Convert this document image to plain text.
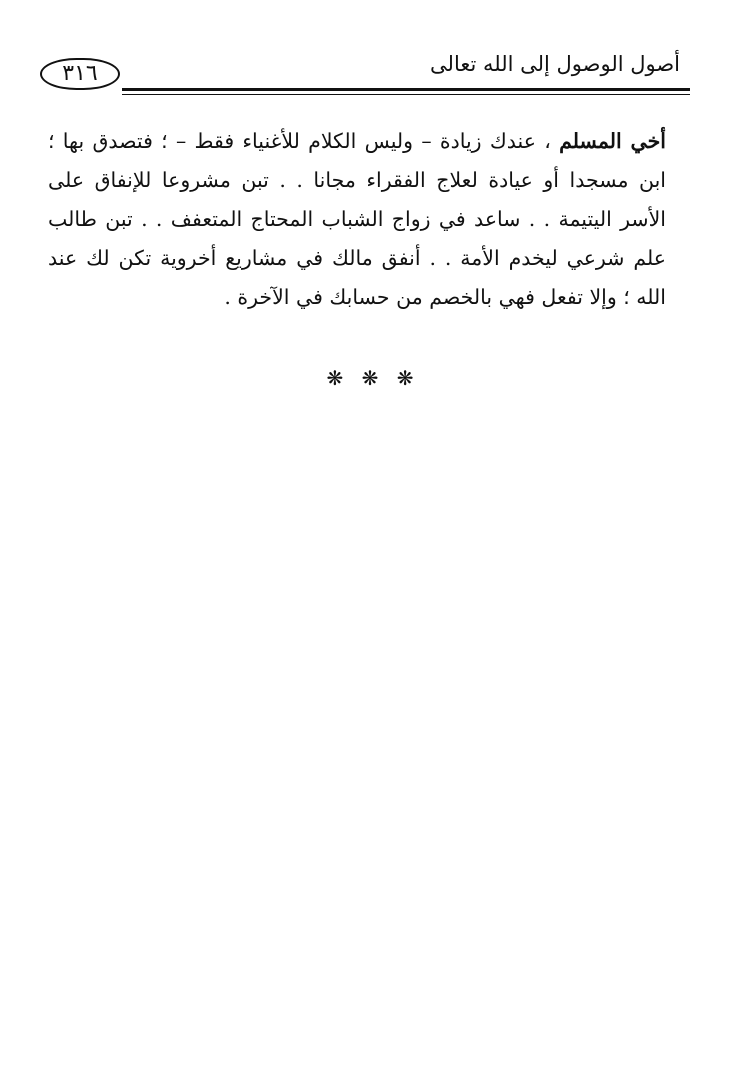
أصول الوصول إلى الله تعالى
٣١٦
أخي المسلم ، عندك زيادة – وليس الكلام للأغنياء فقط – ؛ فتصدق بها ؛ ابن مسجدا أو عيادة لعلاج الفقراء مجانا . . تبن مشروعا للإنفاق على الأسر اليتيمة . . ساعد في زواج الشباب المحتاج المتعفف . . تبن طالب علم شرعي ليخدم الأمة . . أنفق مالك في مشاريع أخروية تكن لك عند الله ؛ وإلا تفعل فهي بالخصم من حسابك في الآخرة .
❋ ❋ ❋
